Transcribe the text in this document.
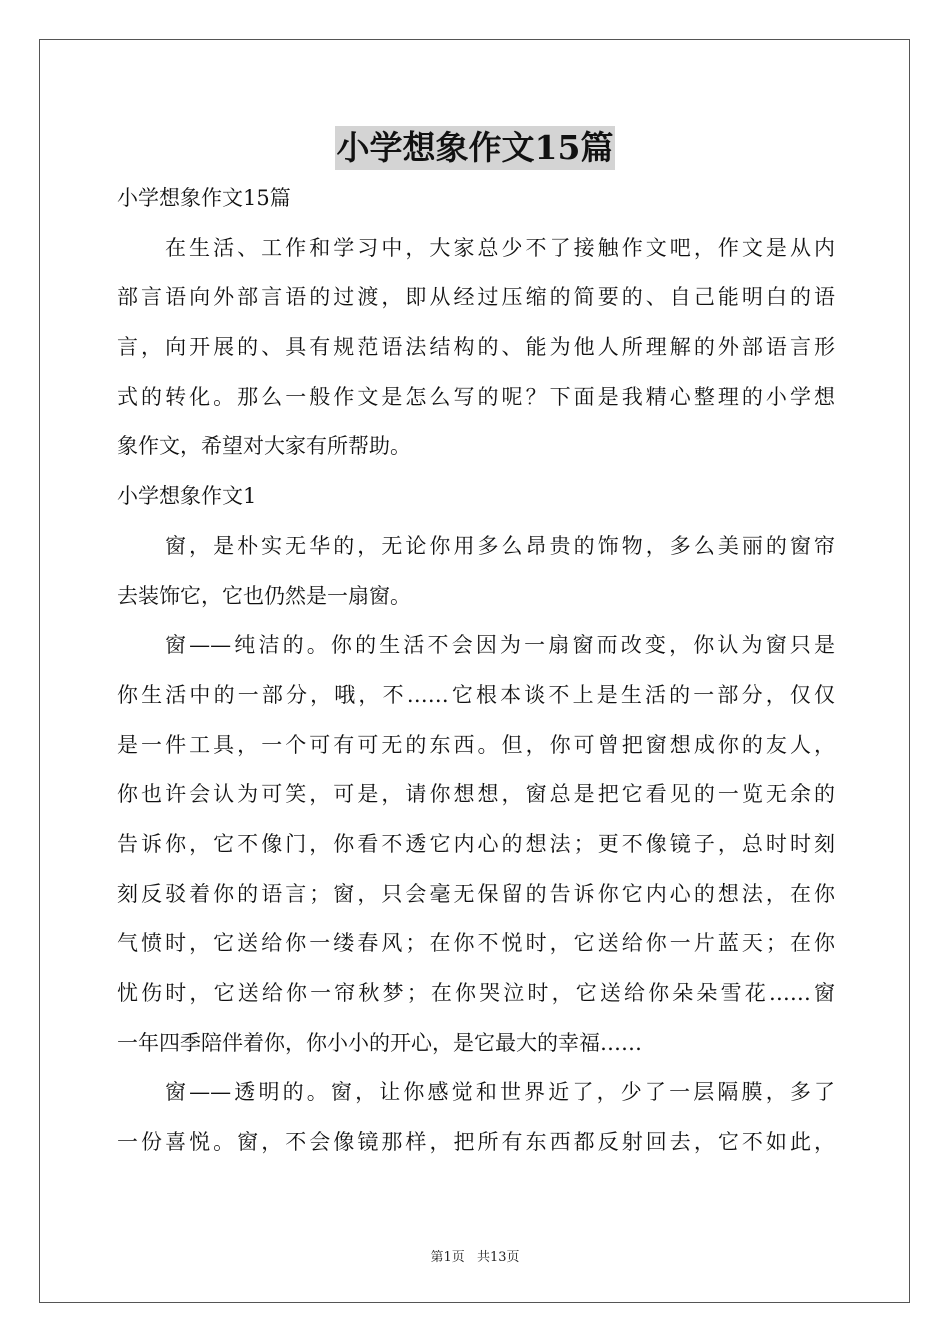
小学想象作文15篇
小学想象作文15篇
在生活、工作和学习中，大家总少不了接触作文吧，作文是从内
部言语向外部言语的过渡，即从经过压缩的简要的、自己能明白的语
言，向开展的、具有规范语法结构的、能为他人所理解的外部语言形
式的转化。那么一般作文是怎么写的呢？下面是我精心整理的小学想
象作文，希望对大家有所帮助。
小学想象作文1
窗，是朴实无华的，无论你用多么昂贵的饰物，多么美丽的窗帘
去装饰它，它也仍然是一扇窗。
窗——纯洁的。你的生活不会因为一扇窗而改变，你认为窗只是
你生活中的一部分，哦，不……它根本谈不上是生活的一部分，仅仅
是一件工具，一个可有可无的东西。但，你可曾把窗想成你的友人，
你也许会认为可笑，可是，请你想想，窗总是把它看见的一览无余的
告诉你，它不像门，你看不透它内心的想法；更不像镜子，总时时刻
刻反驳着你的语言；窗，只会毫无保留的告诉你它内心的想法，在你
气愤时，它送给你一缕春风；在你不悦时，它送给你一片蓝天；在你
忧伤时，它送给你一帘秋梦；在你哭泣时，它送给你朵朵雪花……窗
一年四季陪伴着你，你小小的开心，是它最大的幸福……
窗——透明的。窗，让你感觉和世界近了，少了一层隔膜，多了
一份喜悦。窗，不会像镜那样，把所有东西都反射回去，它不如此，
第1页 共13页
